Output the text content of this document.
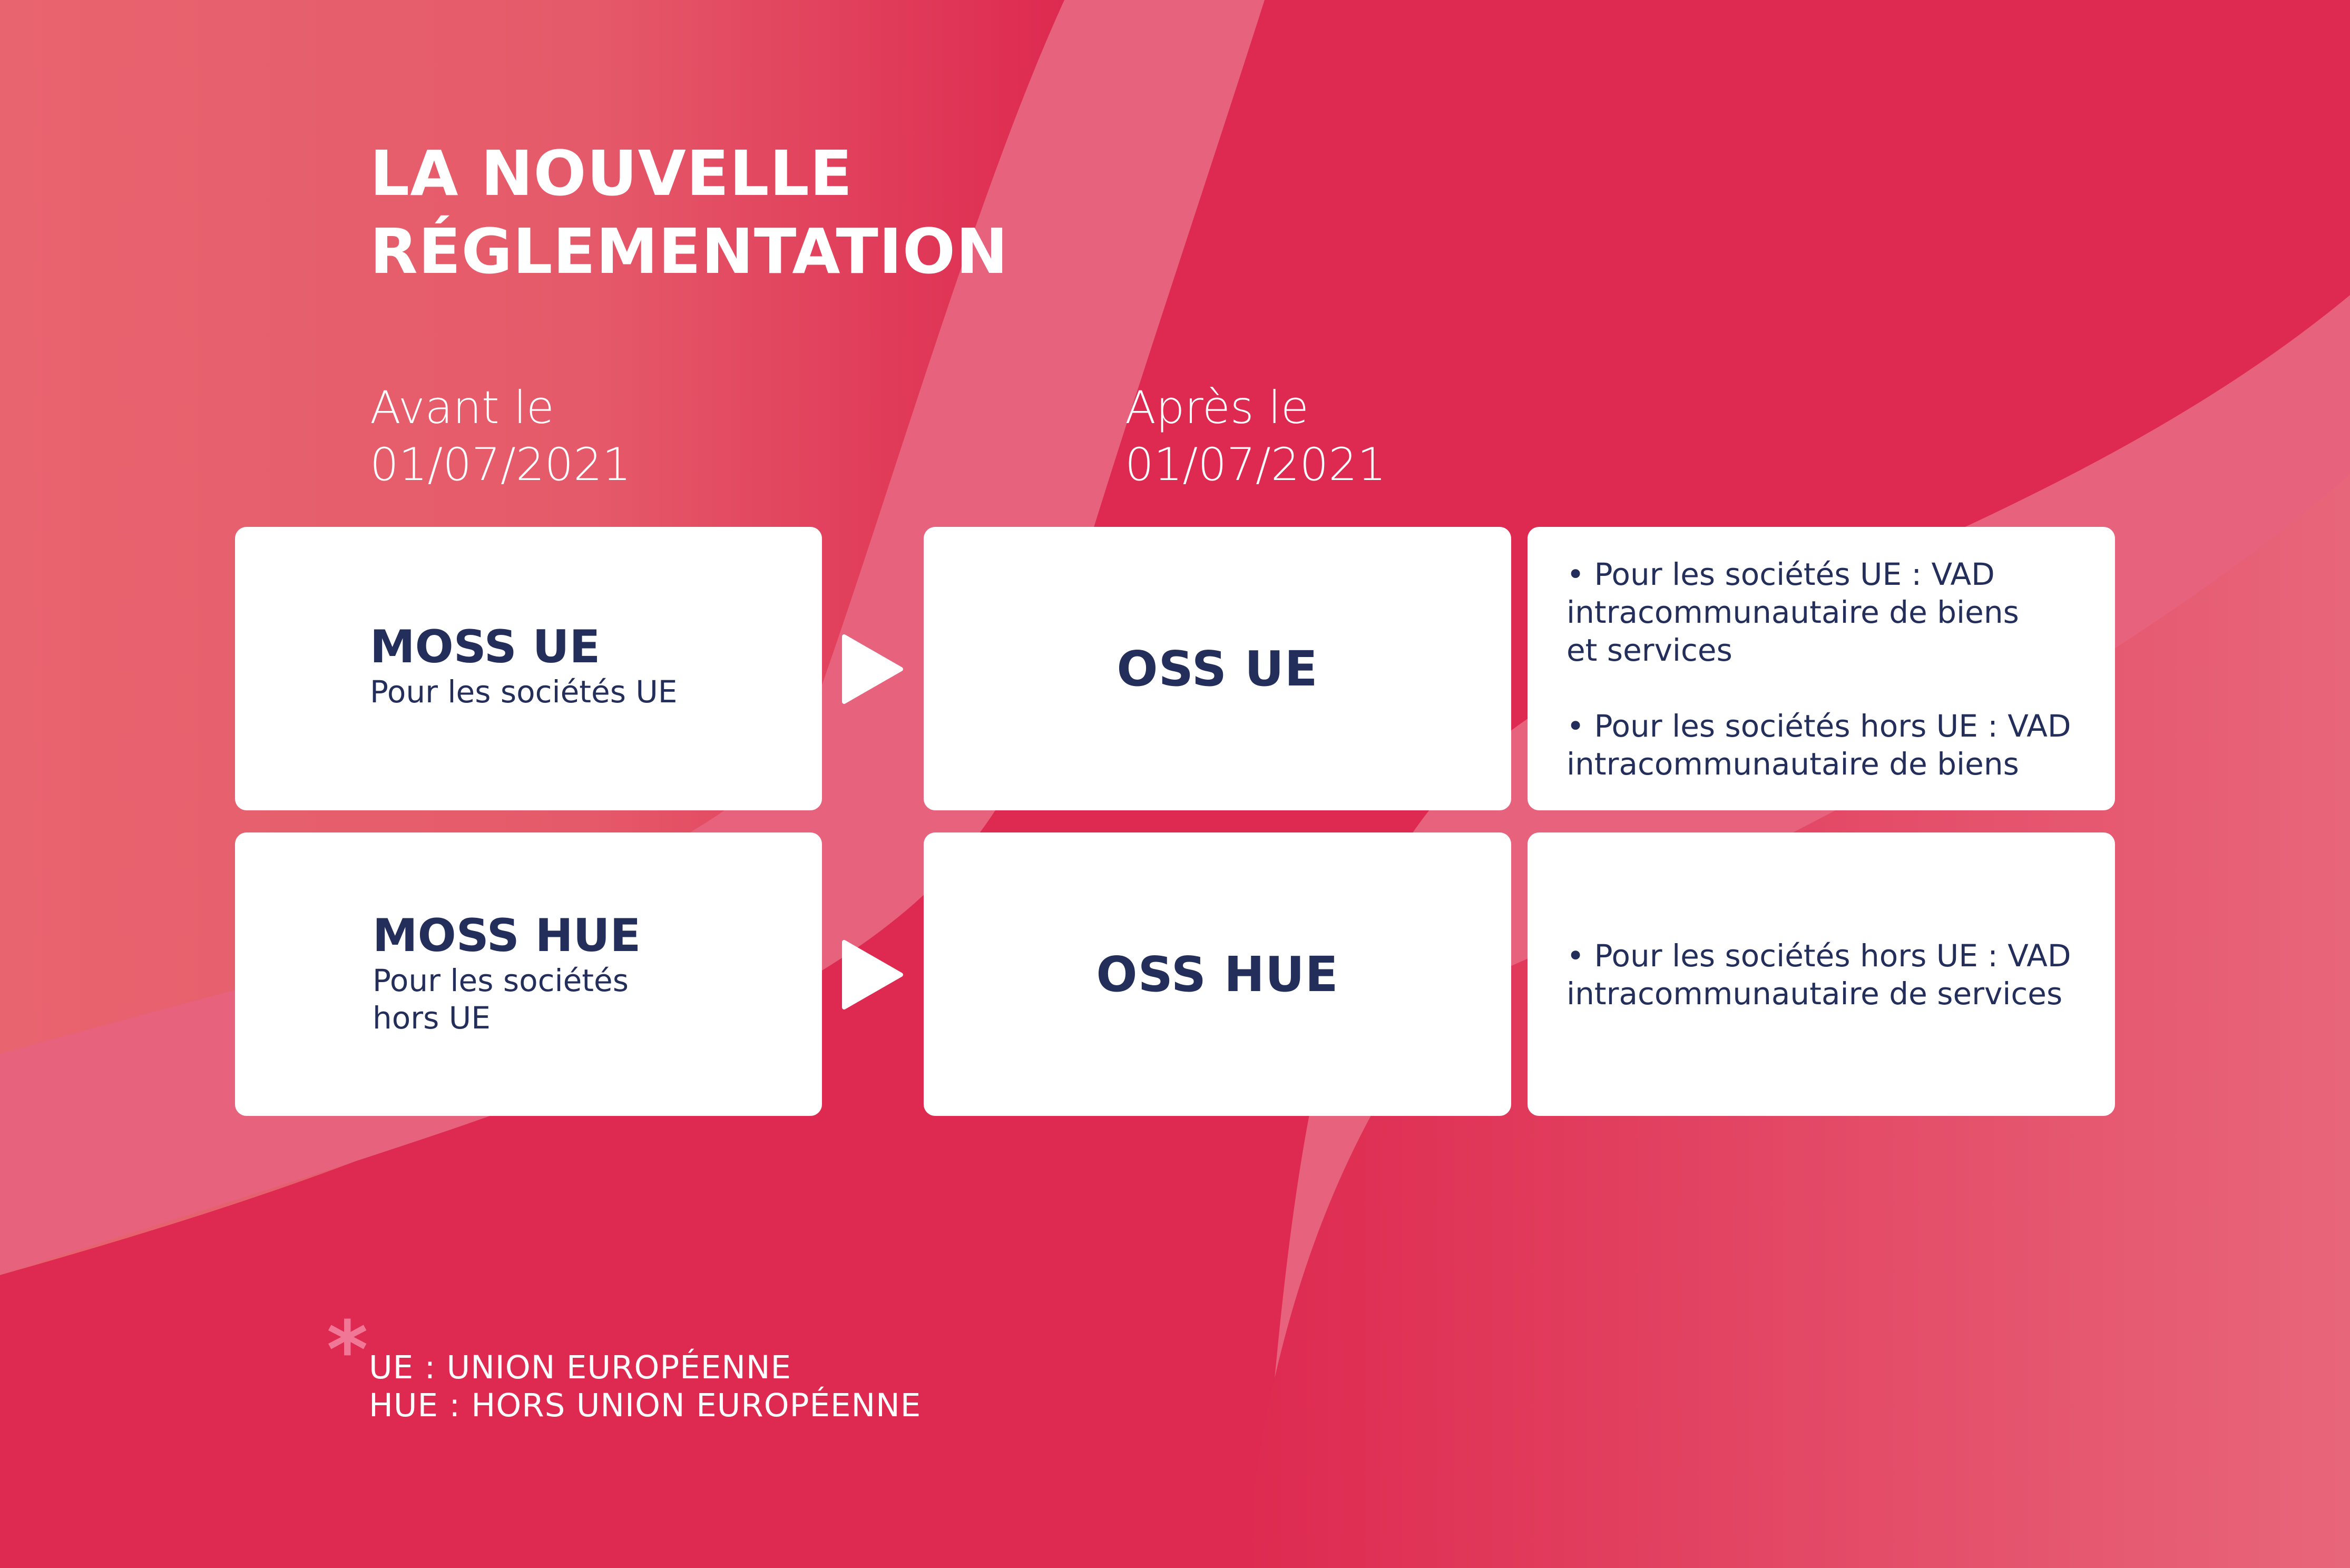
LA NOUVELLE
RÉGLEMENTATION
Avant le
01/07/2021
Après le
01/07/2021
MOSS UE
Pour les sociétés UE	OSS UE

• Pour les sociétés UE : VAD
intracommunautaire de biens
et services

• Pour les sociétés hors UE : VAD
intracommunautaire de biens

MOSS HUE
Pour les sociétés
hors UE
OSS HUE	• Pour les sociétés hors UE : VAD
intracommunautaire de services

* UE : UNION EUROPÉENNE
HUE : HORS UNION EUROPÉENNE
